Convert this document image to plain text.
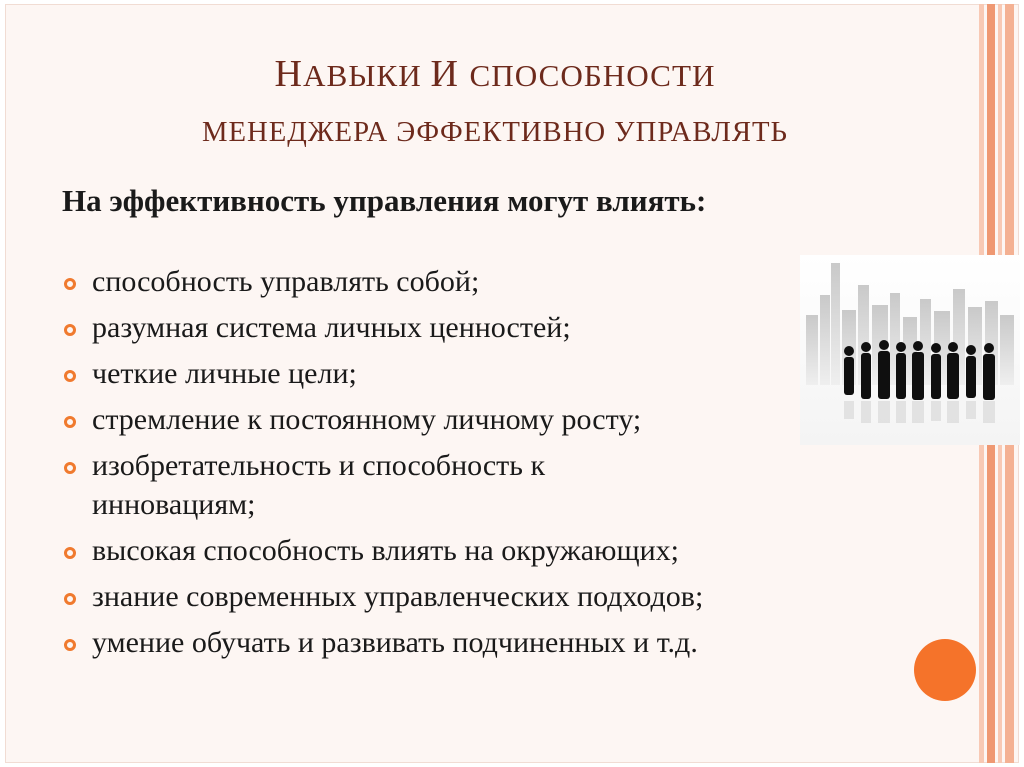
НАВЫКИ И СПОСОБНОСТИ
МЕНЕДЖЕРА ЭФФЕКТИВНО УПРАВЛЯТЬ
На эффективность управления могут влиять:
способность управлять собой;
разумная система личных ценностей;
четкие личные цели;
стремление к постоянному личному росту;
изобретательность и способность к инновациям;
высокая способность влиять на окружающих;
знание современных управленческих подходов;
умение обучать и развивать подчиненных и т.д.
